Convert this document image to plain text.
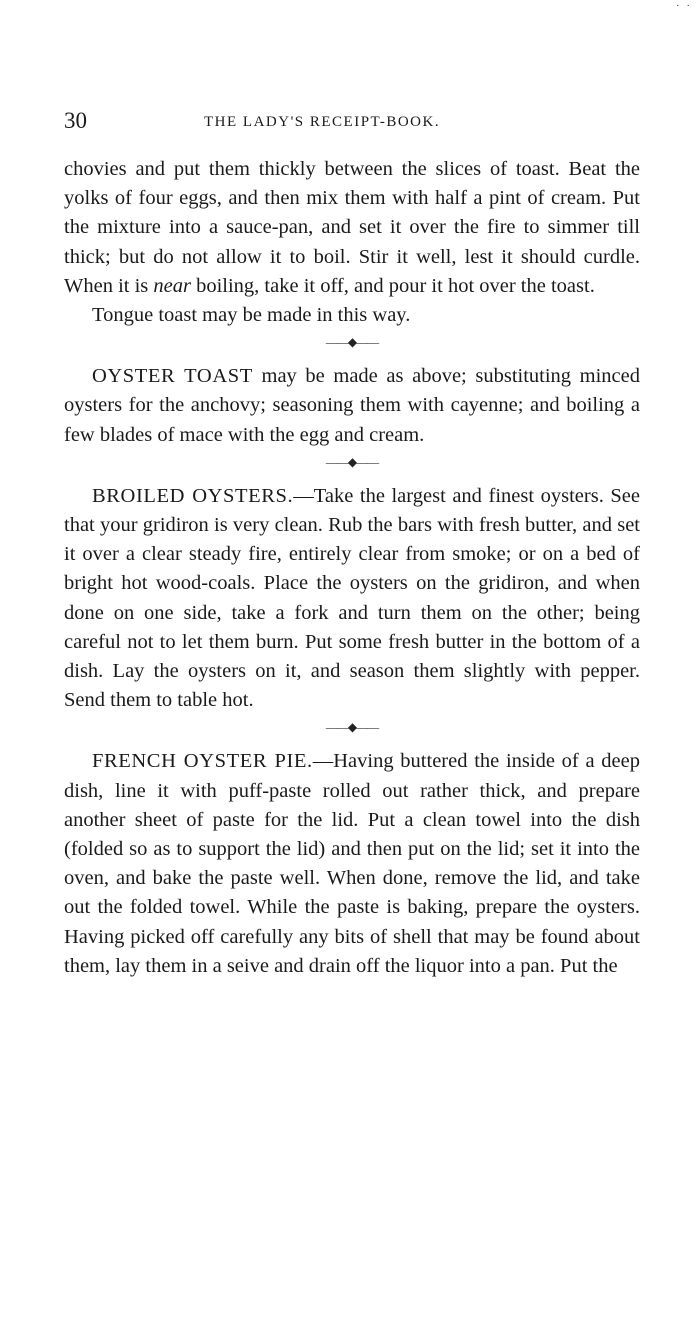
· ·
30	THE LADY'S RECEIPT-BOOK.

chovies and put them thickly between the slices of toast. Beat the yolks of four eggs, and then mix them with half a pint of cream. Put the mixture into a sauce-pan, and set it over the fire to simmer till thick; but do not allow it to boil. Stir it well, lest it should curdle. When it is near boiling, take it off, and pour it hot over the toast.

Tongue toast may be made in this way.

——◆——

OYSTER TOAST may be made as above; substituting minced oysters for the anchovy; seasoning them with cayenne; and boiling a few blades of mace with the egg and cream.

——◆——

BROILED OYSTERS.—Take the largest and finest oysters. See that your gridiron is very clean. Rub the bars with fresh butter, and set it over a clear steady fire, entirely clear from smoke; or on a bed of bright hot wood-coals. Place the oysters on the gridiron, and when done on one side, take a fork and turn them on the other; being careful not to let them burn. Put some fresh butter in the bottom of a dish. Lay the oysters on it, and season them slightly with pepper. Send them to table hot.

——◆——

FRENCH OYSTER PIE.—Having buttered the inside of a deep dish, line it with puff-paste rolled out rather thick, and prepare another sheet of paste for the lid. Put a clean towel into the dish (folded so as to support the lid) and then put on the lid; set it into the oven, and bake the paste well. When done, remove the lid, and take out the folded towel. While the paste is baking, prepare the oysters. Having picked off carefully any bits of shell that may be found about them, lay them in a seive and drain off the liquor into a pan. Put the
